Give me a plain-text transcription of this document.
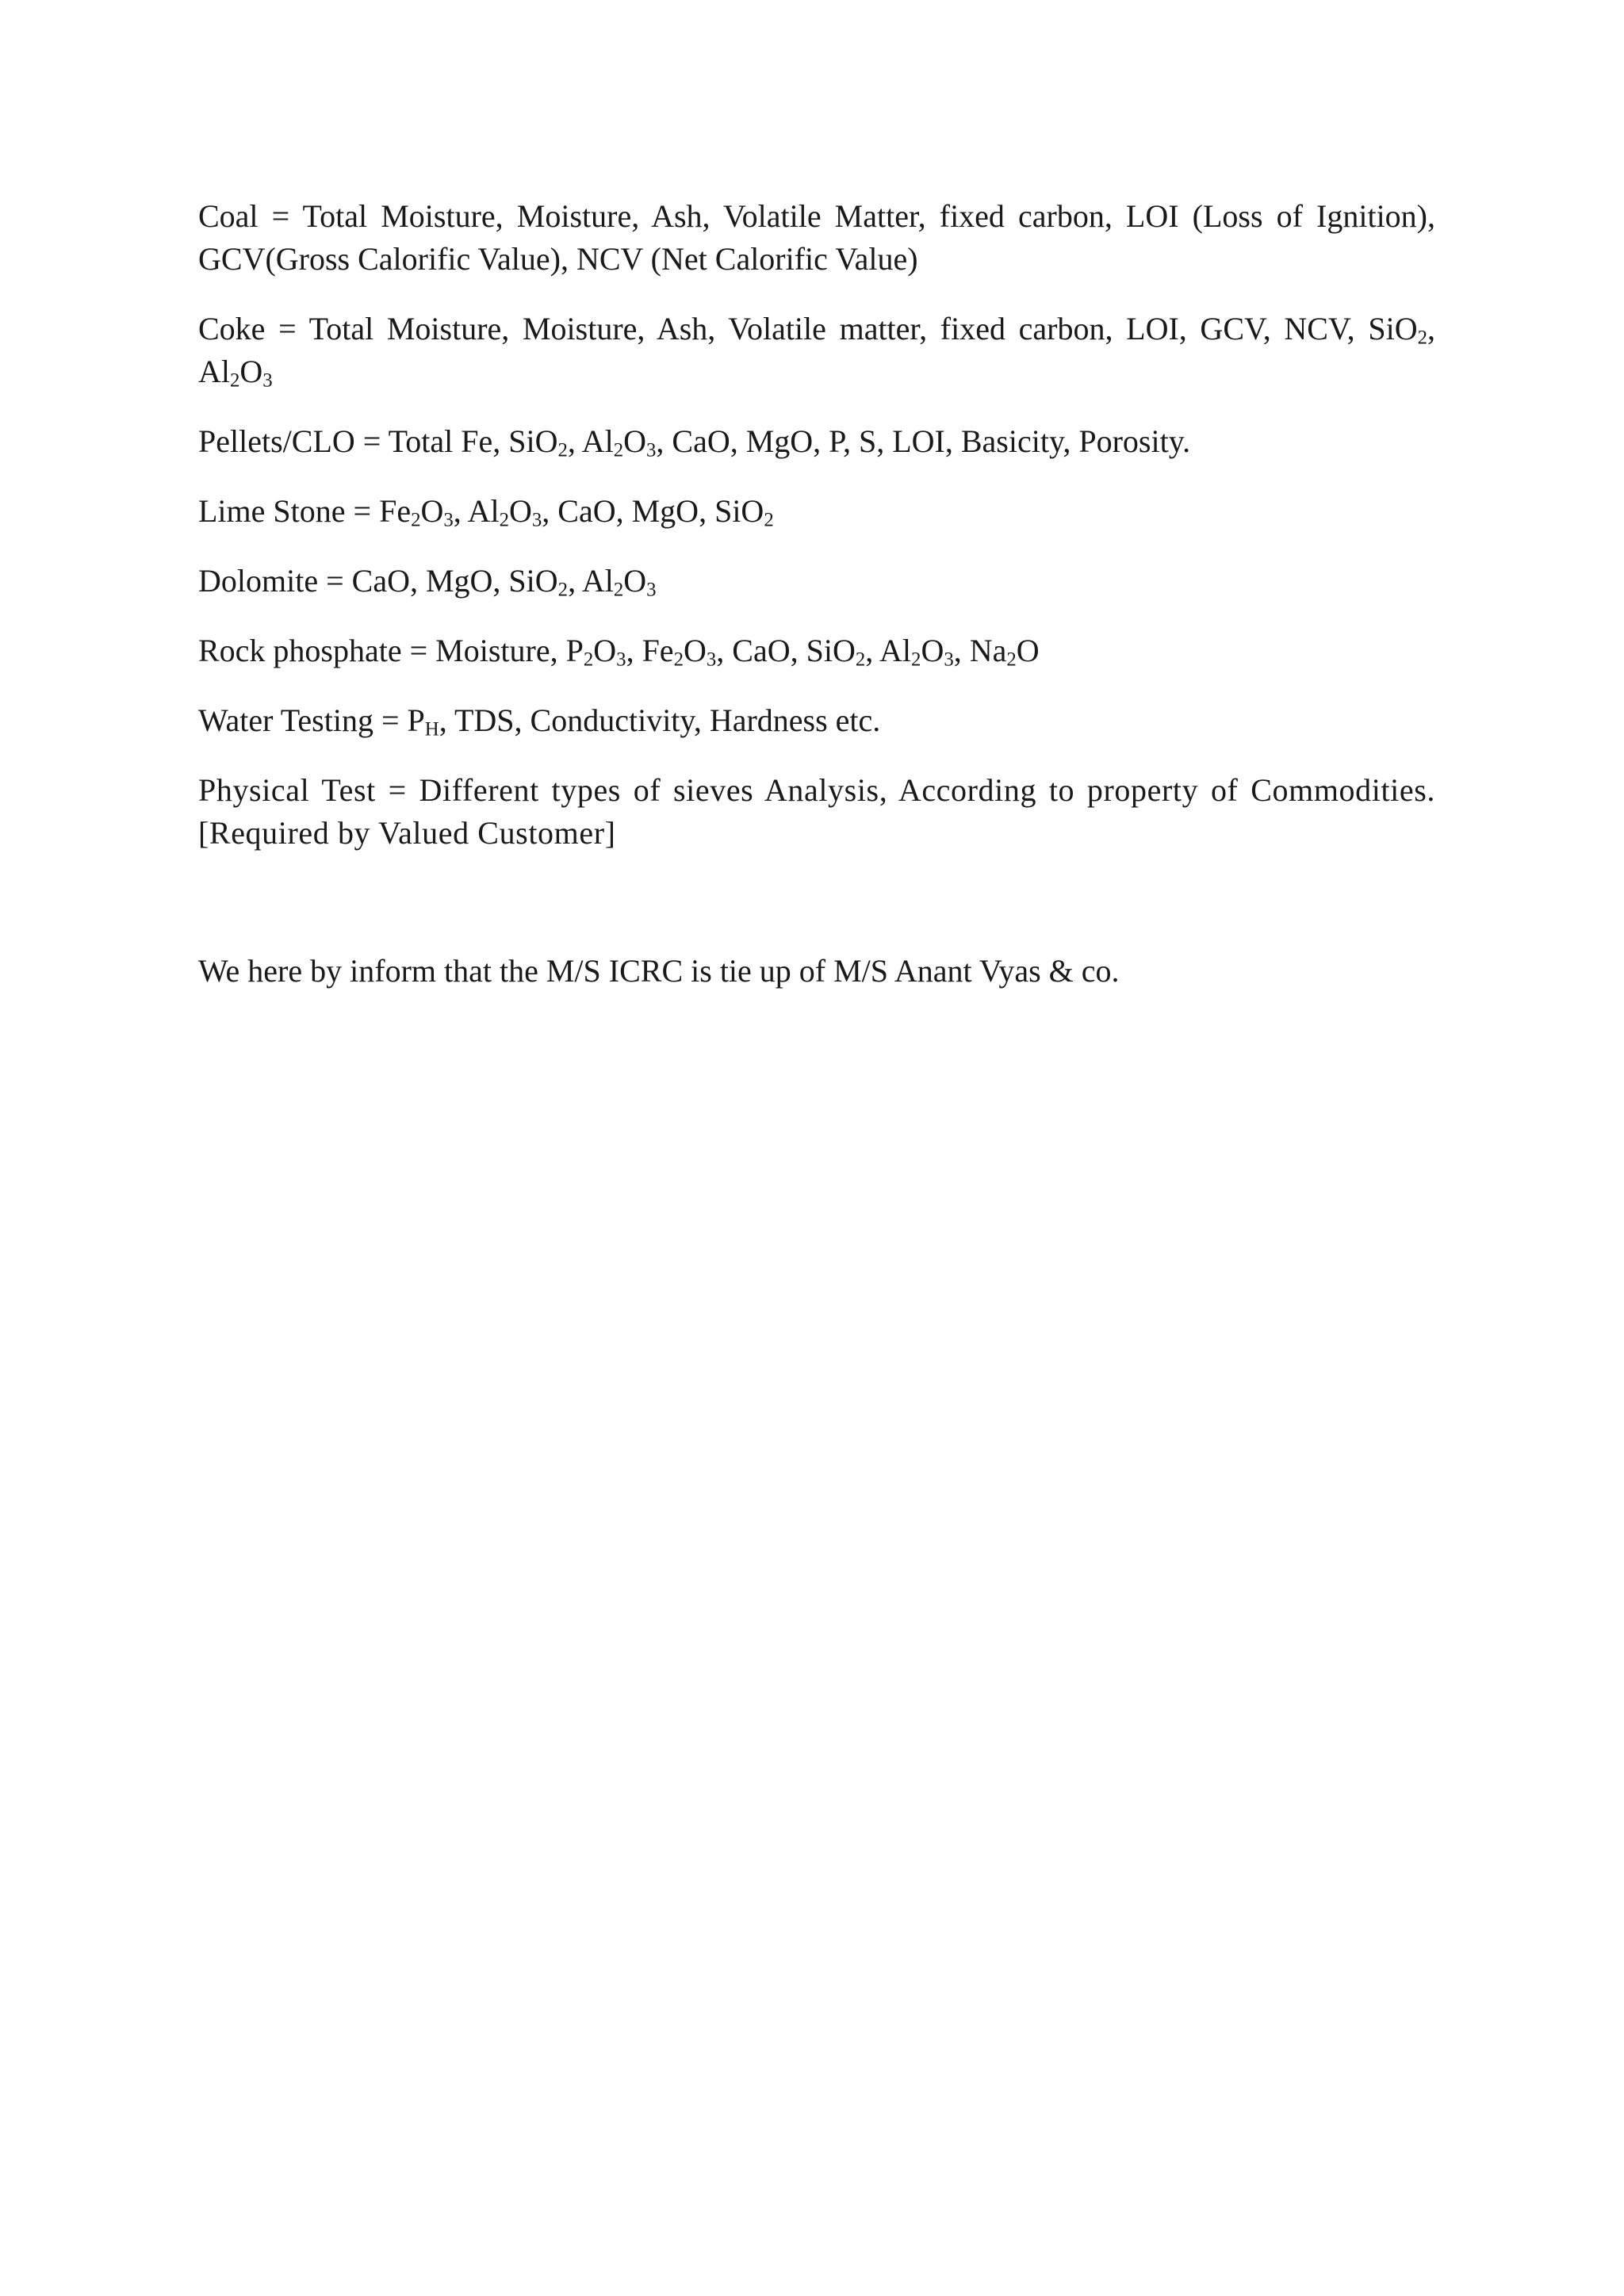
Coal = Total Moisture, Moisture, Ash, Volatile Matter, fixed carbon, LOI (Loss of Ignition), GCV(Gross Calorific Value), NCV (Net Calorific Value)

Coke = Total Moisture, Moisture, Ash, Volatile matter, fixed carbon, LOI, GCV, NCV, SiO$_2$, $Al_2O_3$

Pellets/CLO = Total Fe, SiO$_2$, $Al_2O_3$, CaO, MgO, P, S, LOI, Basicity, Porosity.

Lime Stone = $Fe_2O_3$, $Al_2O_3$, CaO, MgO, SiO$_2$

Dolomite = CaO, MgO, SiO$_2$, $Al_2O_3$

Rock phosphate = Moisture, $P_2O_3$, $Fe_2O_3$, CaO, SiO$_2$, $Al_2O_3$, $Na_2O$

Water Testing = $P_H$, TDS, Conductivity, Hardness etc.

Physical Test = Different types of sieves Analysis, According to property of Commodities. [Required by Valued Customer]

We here by inform that the M/S ICRC is tie up of M/S Anant Vyas & co.
